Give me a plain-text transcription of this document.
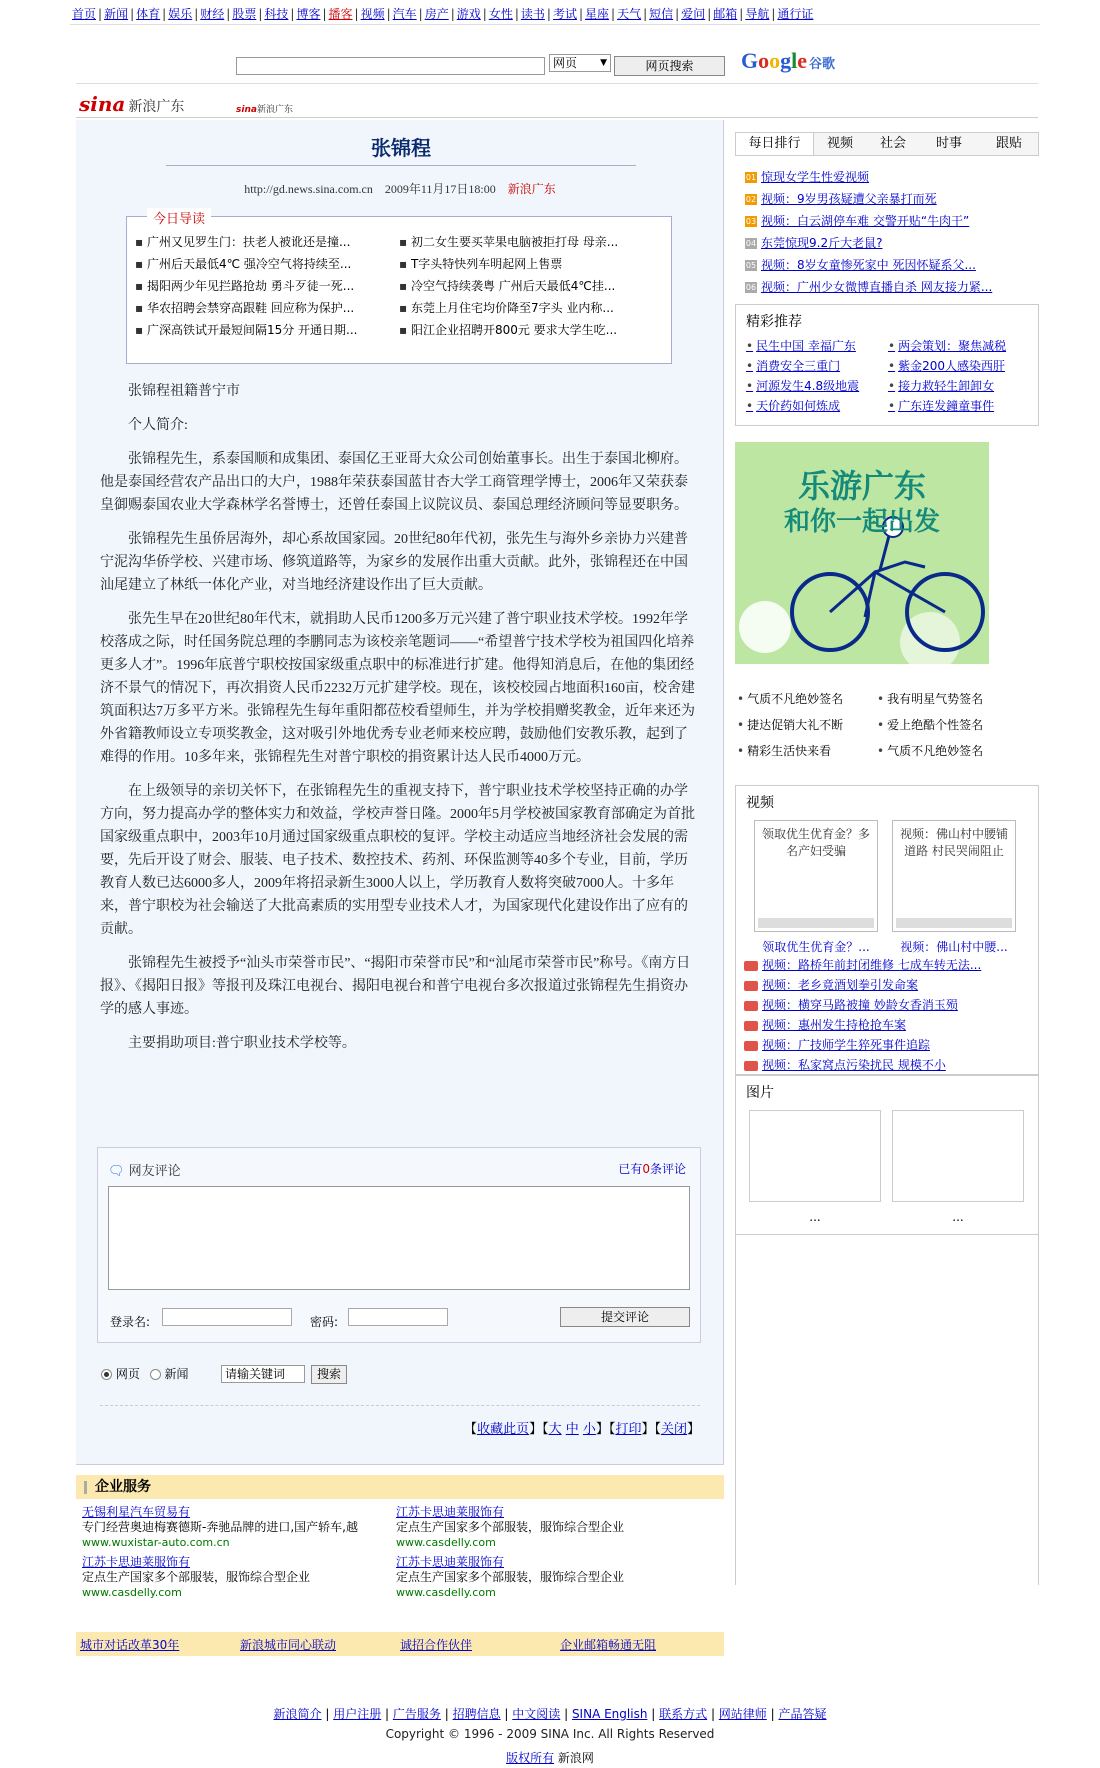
首页 | 新闻 | 体育 | 娱乐 | 财经 | 股票 | 科技 | 博客 | 播客 | 视频 | 汽车 | 房产 | 游戏 | 女性 | 读书 | 考试 | 星座 | 天气 | 短信 | 爱问 | 邮箱 | 导航 | 通行证
网页	▼	网页搜索	Google 谷歌
sina 新浪广东	sina新浪广东
张锦程
http://gd.news.sina.com.cn 2009年11月17日18:00 新浪广东
今日导读
▪ 广州又见罗生门：扶老人被讹还是撞...	▪ 初二女生要买苹果电脑被拒打母 母亲...
▪ 广州后天最低4℃ 强冷空气将持续至...	▪ T字头特快列车明起网上售票
▪ 揭阳两少年见拦路抢劫 勇斗歹徒一死...	▪ 冷空气持续袭粤 广州后天最低4℃挂...
▪ 华农招聘会禁穿高跟鞋 回应称为保护...	▪ 东莞上月住宅均价降至7字头 业内称...
▪ 广深高铁试开最短间隔15分 开通日期...	▪ 阳江企业招聘开800元 要求大学生吃...

张锦程祖籍普宁市

个人简介:

张锦程先生，系泰国顺和成集团、泰国亿王亚哥大众公司创始董事长。出生于泰国北柳府。他是泰国经营农产品出口的大户，1988年荣获泰国蓝甘杏大学工商管理学博士，2006年又荣获泰皇御赐泰国农业大学森林学名誉博士，还曾任泰国上议院议员、泰国总理经济顾问等显要职务。

张锦程先生虽侨居海外，却心系故国家园。20世纪80年代初，张先生与海外乡亲协力兴建普宁泥沟华侨学校、兴建市场、修筑道路等，为家乡的发展作出重大贡献。此外，张锦程还在中国汕尾建立了林纸一体化产业，对当地经济建设作出了巨大贡献。

张先生早在20世纪80年代末，就捐助人民币1200多万元兴建了普宁职业技术学校。1992年学校落成之际，时任国务院总理的李鹏同志为该校亲笔题词——“希望普宁技术学校为祖国四化培养更多人才”。1996年底普宁职校按国家级重点职中的标准进行扩建。他得知消息后，在他的集团经济不景气的情况下，再次捐资人民币2232万元扩建学校。现在，该校校园占地面积160亩，校舍建筑面积达7万多平方米。张锦程先生每年重阳都莅校看望师生，并为学校捐赠奖教金，近年来还为外省籍教师设立专项奖教金，这对吸引外地优秀专业老师来校应聘，鼓励他们安教乐教，起到了难得的作用。10多年来，张锦程先生对普宁职校的捐资累计达人民币4000万元。

在上级领导的亲切关怀下，在张锦程先生的重视支持下，普宁职业技术学校坚持正确的办学方向，努力提高办学的整体实力和效益，学校声誉日隆。2000年5月学校被国家教育部确定为首批国家级重点职中，2003年10月通过国家级重点职校的复评。学校主动适应当地经济社会发展的需要，先后开设了财会、服装、电子技术、数控技术、药剂、环保监测等40多个专业，目前，学历教育人数已达6000多人，2009年将招录新生3000人以上，学历教育人数将突破7000人。十多年来，普宁职校为社会输送了大批高素质的实用型专业技术人才，为国家现代化建设作出了应有的贡献。

张锦程先生被授予“汕头市荣誉市民”、“揭阳市荣誉市民”和“汕尾市荣誉市民”称号。《南方日报》、《揭阳日报》等报刊及珠江电视台、揭阳电视台和普宁电视台多次报道过张锦程先生捐资办学的感人事迹。

主要捐助项目:普宁职业技术学校等。

🗨 网友评论	已有0条评论
登录名:	密码:	提交评论
网页 新闻	请输关键词	搜索
【收藏此页】【大 中 小】【打印】【关闭】
企业服务
无锡利星汽车贸易有
专门经营奥迪梅赛德斯-奔驰品牌的进口,国产轿车,越
www.wuxistar-auto.com.cn
江苏卡思迪莱服饰有
定点生产国家多个部服装，服饰综合型企业
www.casdelly.com
江苏卡思迪莱服饰有
定点生产国家多个部服装，服饰综合型企业
www.casdelly.com
江苏卡思迪莱服饰有
定点生产国家多个部服装，服饰综合型企业
www.casdelly.com
城市对话改革30年	新浪城市同心联动	诚招合作伙伴	企业邮箱畅通无阻
每日排行	视频	社会	时事	跟贴
01 惊现女学生性爱视频
02 视频：9岁男孩疑遭父亲暴打而死
03 视频：白云湖停车难 交警开贴“牛肉干”
04 东莞惊现9.2斤大老鼠?
05 视频：8岁女童惨死家中 死因怀疑系父...
06 视频：广州少女微博直播自杀 网友接力紧...
精彩推荐
• 民生中国 幸福广东	• 两会策划：聚焦减税
• 消费安全三重门	• 紫金200人感染西肝
• 河源发生4.8级地震	• 接力救轻生卸卸女
• 天价药如何炼成	• 广东连发鐘童事件
乐游广东
和你一起出发
• 气质不凡绝妙签名	• 我有明星气势签名
• 捷达促销大礼不断	• 爱上绝酷个性签名
• 精彩生活快来看	• 气质不凡绝妙签名
视频
领取优生优育金？多名产妇受骗
领取优生优育金？...
视频：佛山村中腰铺道路 村民哭闹阻止
视频：佛山村中腰...
视频：路桥年前封闭维修 七成车转无法...
视频：老乡竟酒划拳引发命案
视频：横穿马路被撞 妙龄女香消玉殒
视频：惠州发生持枪抢车案
视频：广技师学生猝死事件追踪
视频：私家窝点污染扰民 规模不小
图片
...	...
新浪简介 | 用户注册 | 广告服务 | 招聘信息 | 中文阅读 | SINA English | 联系方式 | 网站律师 | 产品答疑
Copyright © 1996 - 2009 SINA Inc. All Rights Reserved
版权所有 新浪网
